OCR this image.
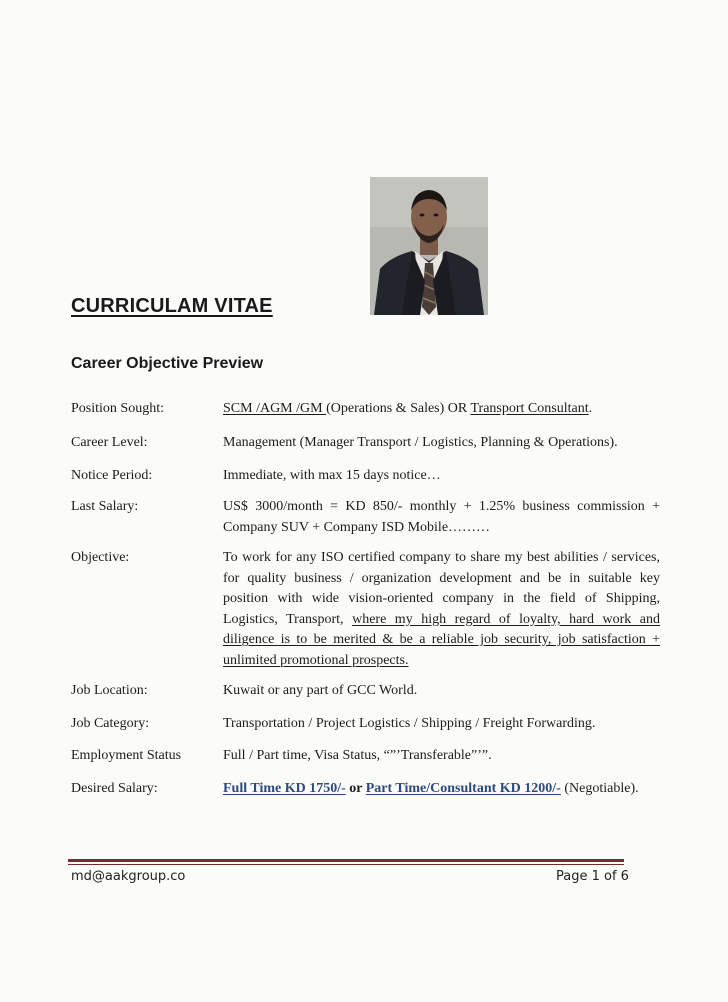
CURRICULAM VITAE
Career Objective Preview
Position Sought:	SCM /AGM /GM (Operations & Sales) OR Transport Consultant.
Career Level:	Management (Manager Transport / Logistics, Planning & Operations).
Notice Period:	Immediate, with max 15 days notice…
Last Salary:	US$ 3000/month = KD 850/- monthly + 1.25% business commission + Company SUV + Company ISD Mobile………
Objective:	To work for any ISO certified company to share my best abilities / services, for quality business / organization development and be in suitable key position with wide vision-oriented company in the field of Shipping, Logistics, Transport, where my high regard of loyalty, hard work and diligence is to be merited & be a reliable job security, job satisfaction + unlimited promotional prospects.
Job Location:	Kuwait or any part of GCC World.
Job Category:	Transportation / Project Logistics / Shipping / Freight Forwarding.
Employment Status	Full / Part time, Visa Status, “”’Transferable”’”.
Desired Salary:	Full Time KD 1750/- or Part Time/Consultant KD 1200/- (Negotiable).
md@aakgroup.co	Page 1 of 6
